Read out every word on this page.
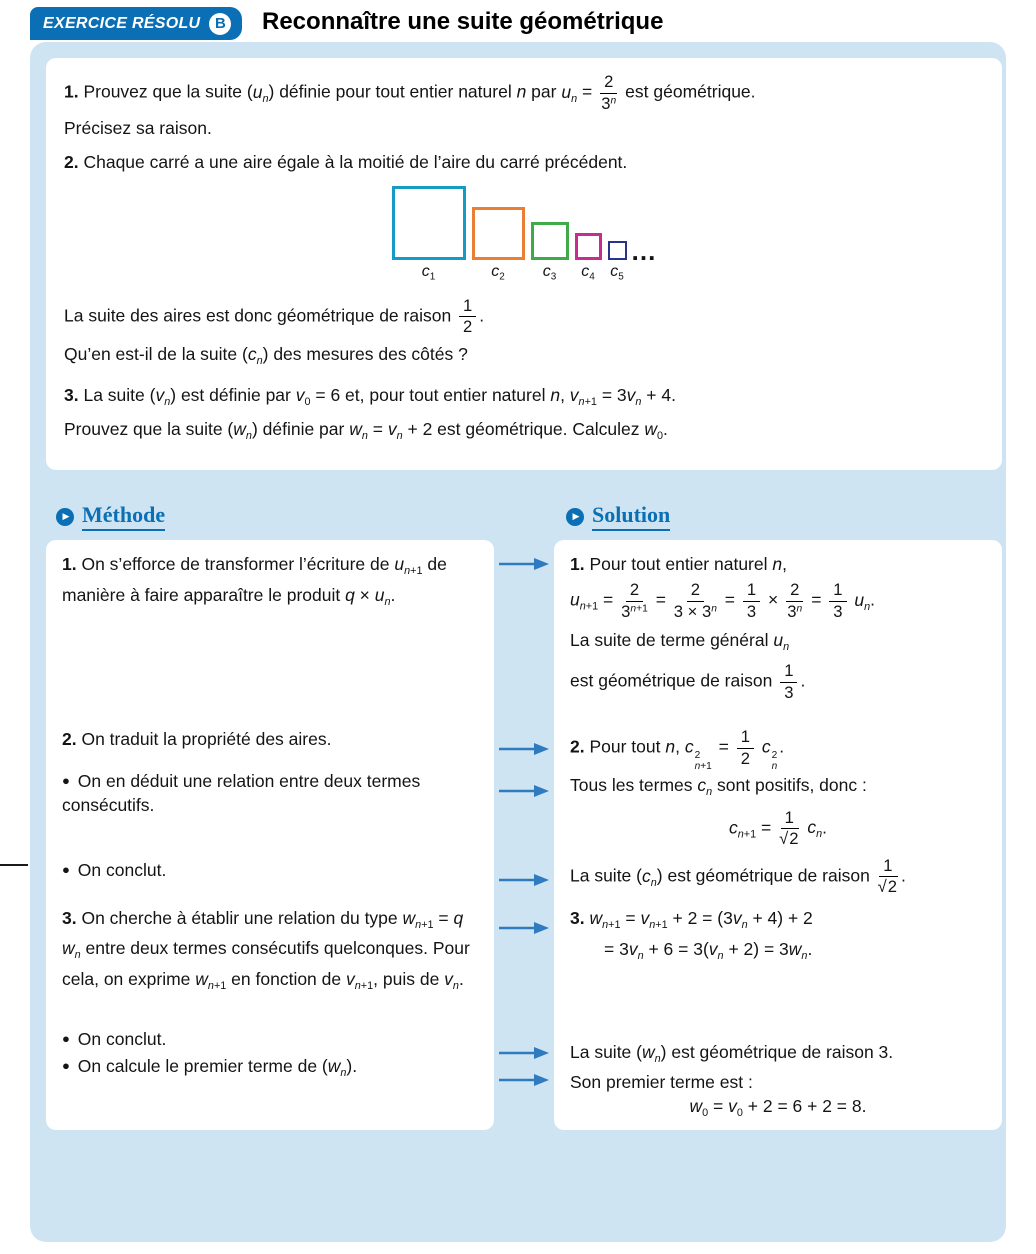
EXERCICE RÉSOLU B Reconnaître une suite géométrique

1. Prouvez que la suite $(u_n)$ définie pour tout entier naturel n par $u_n = \frac{2}{3^n}$ est géométrique.

Précisez sa raison.

2. Chaque carré a une aire égale à la moitié de l’aire du carré précédent.

$c_1$	$c_2$ $c_3$ $c_4$ $c_5$
…

La suite des aires est donc géométrique de raison $\frac{1}{2}$ .

Qu’en est-il de la suite $(c_n)$ des mesures des côtés ?

3. La suite $(v_n)$ est définie par $v_0 = 6$ et, pour tout entier naturel n, $v_{n+1} = 3v_n + 4$.

Prouvez que la suite $(w_n)$ définie par $w_n = v_n + 2$ est géométrique. Calculez $w_0$.

▶ Méthode	▶ Solution

1. On s’efforce de transformer l’écriture de $u_{n+1}$ de manière à faire apparaître le produit $q \times u_n$.

2. On traduit la propriété des aires.

● On en déduit une relation entre deux termes consécutifs.

● On conclut.

3. On cherche à établir une relation du type $w_{n+1} = q$ $w_n$ entre deux termes consécutifs quelconques. Pour cela, on exprime $w_{n+1}$ en fonction de $v_{n+1}$, puis de $v_n$.

● On conclut.

● On calcule le premier terme de $(w_n)$.

1. Pour tout entier naturel n,

$u_{n+1} = \frac{2}{3^{n+1}} = \frac{2}{3 \times 3^n} = \frac{1}{3} \times \frac{2}{3^n} = \frac{1}{3} u_n$.

La suite de terme général $u_n$

est géométrique de raison $\frac{1}{3}$ .

2. Pour tout n, c 2
n+1
= $\frac{1}{2}$ c 2
n
.

Tous les termes $c_n$ sont positifs, donc :

$c_{n+1} = \frac{1}{√2} c_n$.

La suite $(c_n)$ est géométrique de raison $\frac{1}{√2}$ .

3. $w_{n+1} = v_{n+1} + 2 = (3v_n + 4) + 2$

= $3v_n + 6 = 3(v_n + 2) = 3w_n$.

La suite $(w_n)$ est géométrique de raison 3.

Son premier terme est :

$w_0 = v_0 + 2 = 6 + 2 = 8$.
